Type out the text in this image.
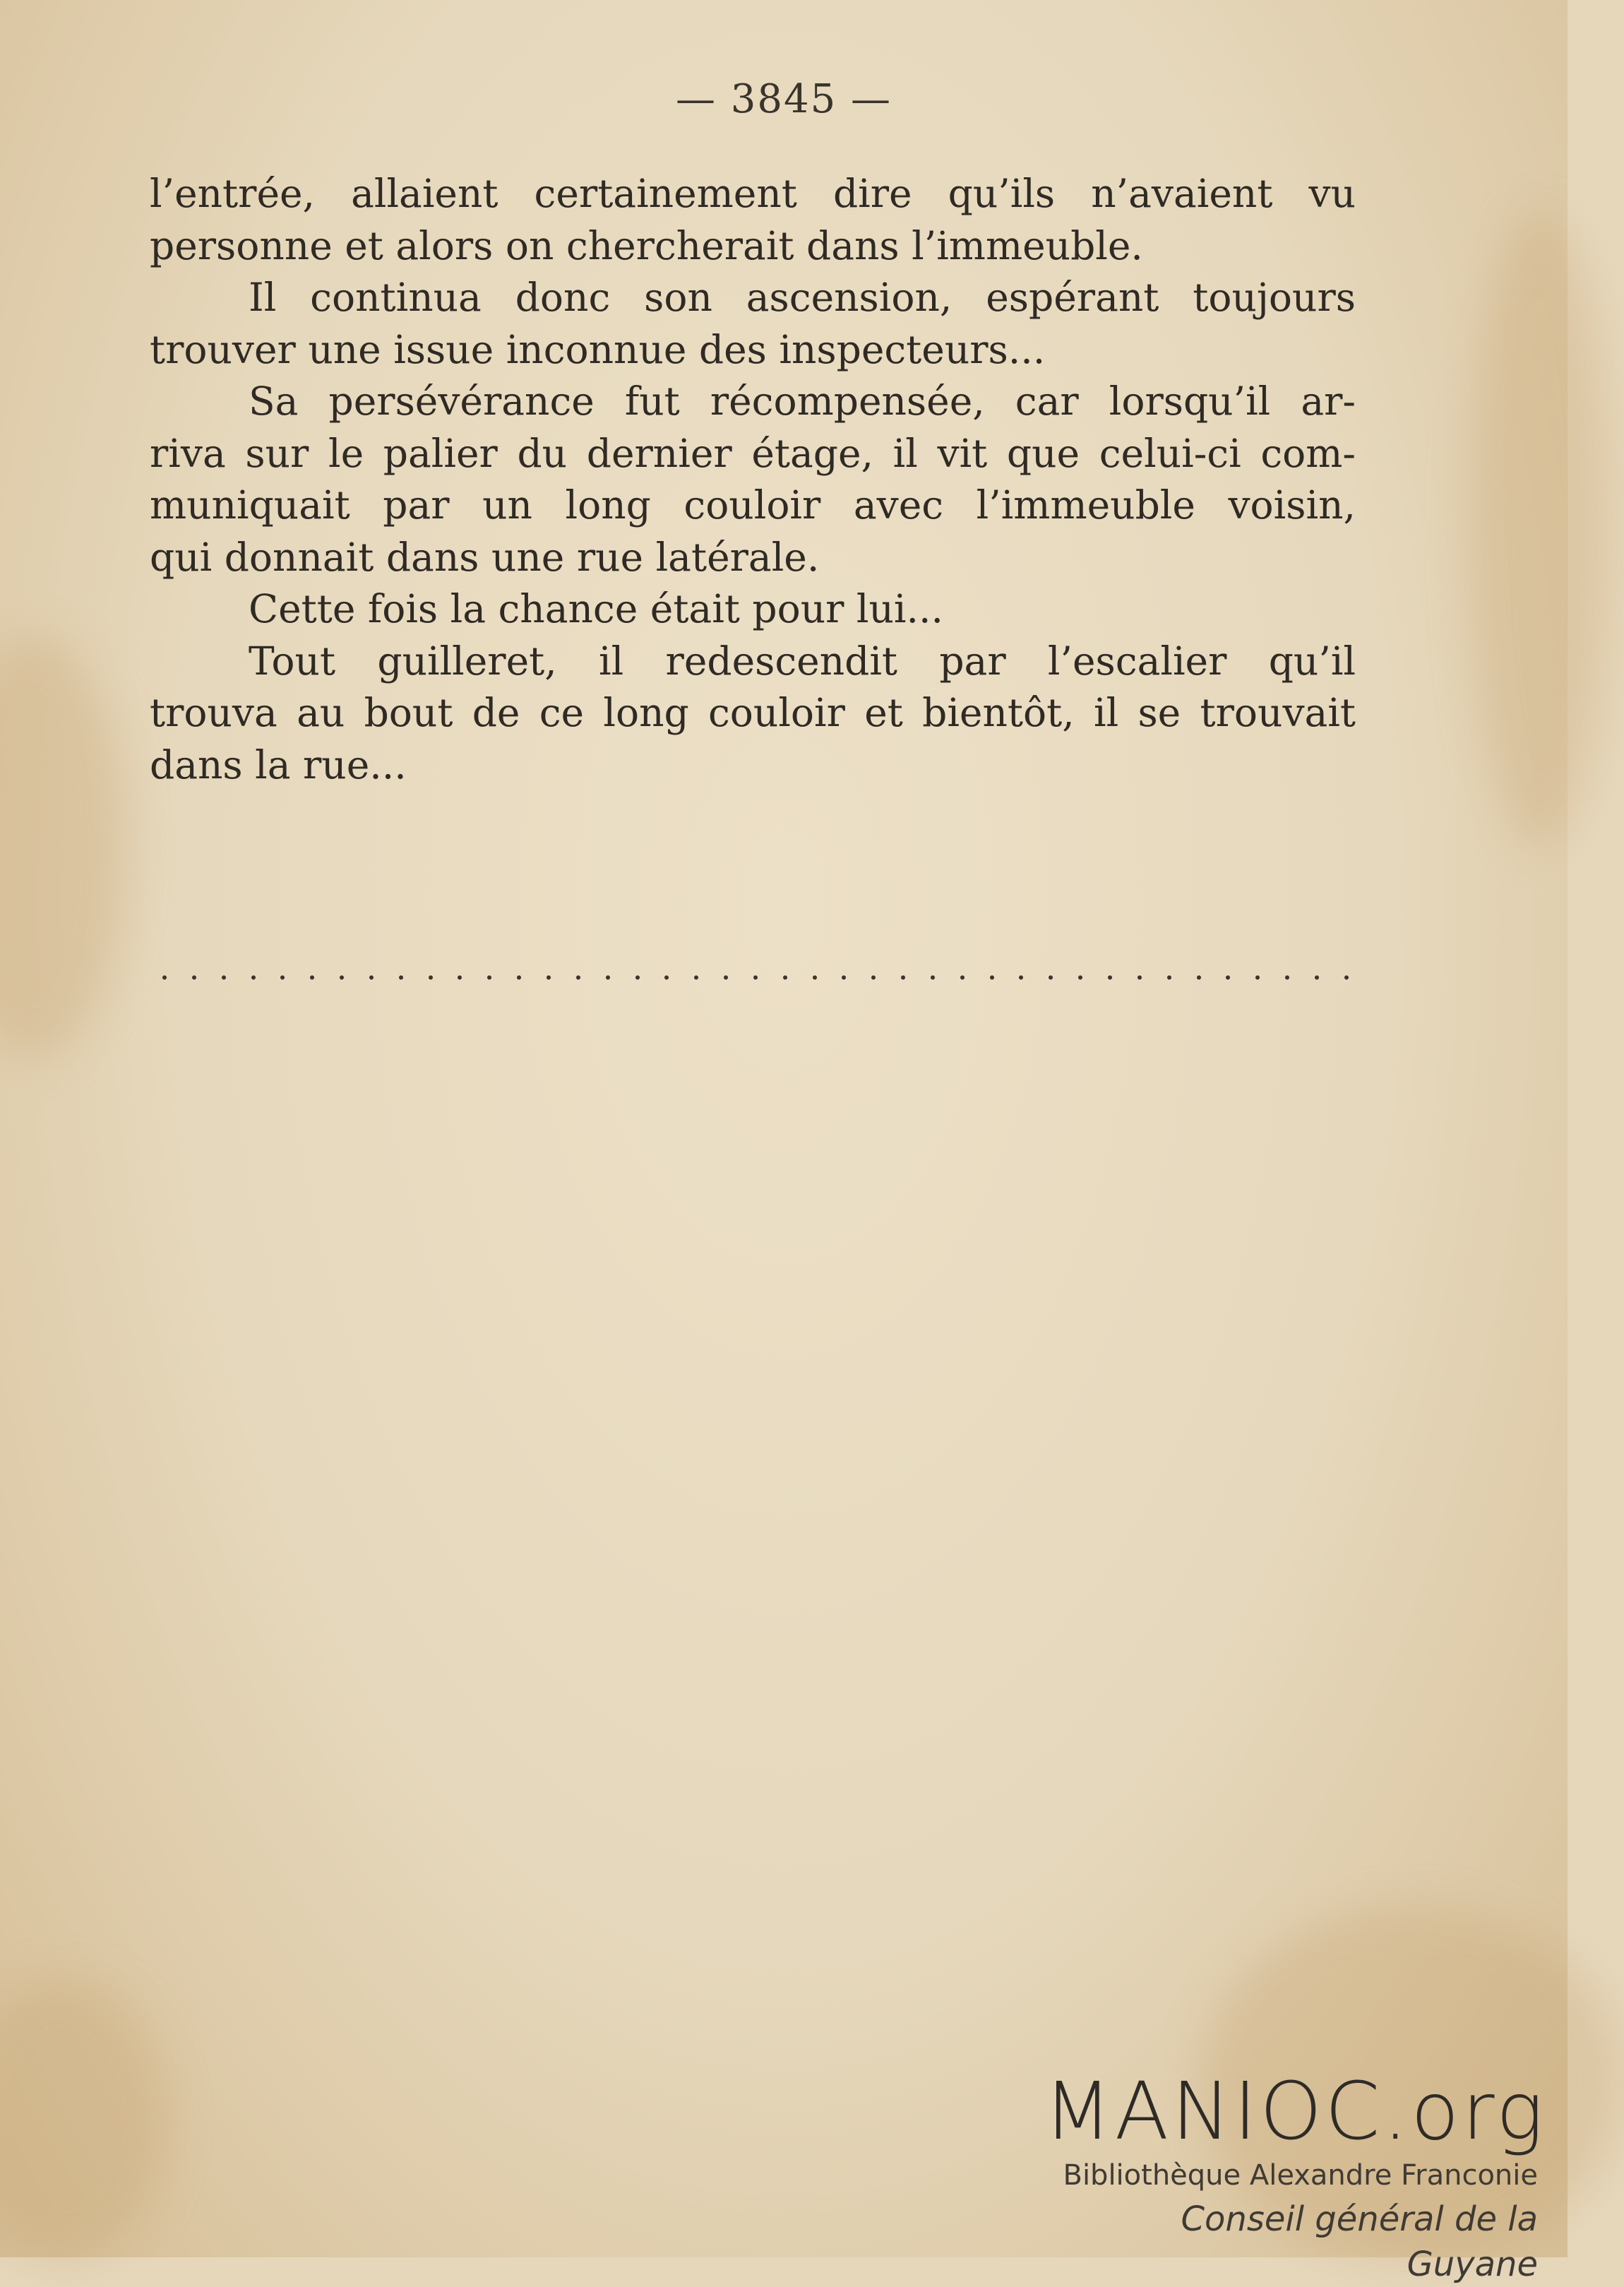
— 3845 —
l’entrée, allaient certainement dire qu’ils n’avaient vu
personne et alors on chercherait dans l’immeuble.
Il continua donc son ascension, espérant toujours
trouver une issue inconnue des inspecteurs...
Sa persévérance fut récompensée, car lorsqu’il ar-
riva sur le palier du dernier étage, il vit que celui-ci com-
muniquait par un long couloir avec l’immeuble voisin,
qui donnait dans une rue latérale.
Cette fois la chance était pour lui...
Tout guilleret, il redescendit par l’escalier qu’il
trouva au bout de ce long couloir et bientôt, il se trouvait
dans la rue...
MANIOC.org
Bibliothèque Alexandre Franconie
Conseil général de la Guyane
